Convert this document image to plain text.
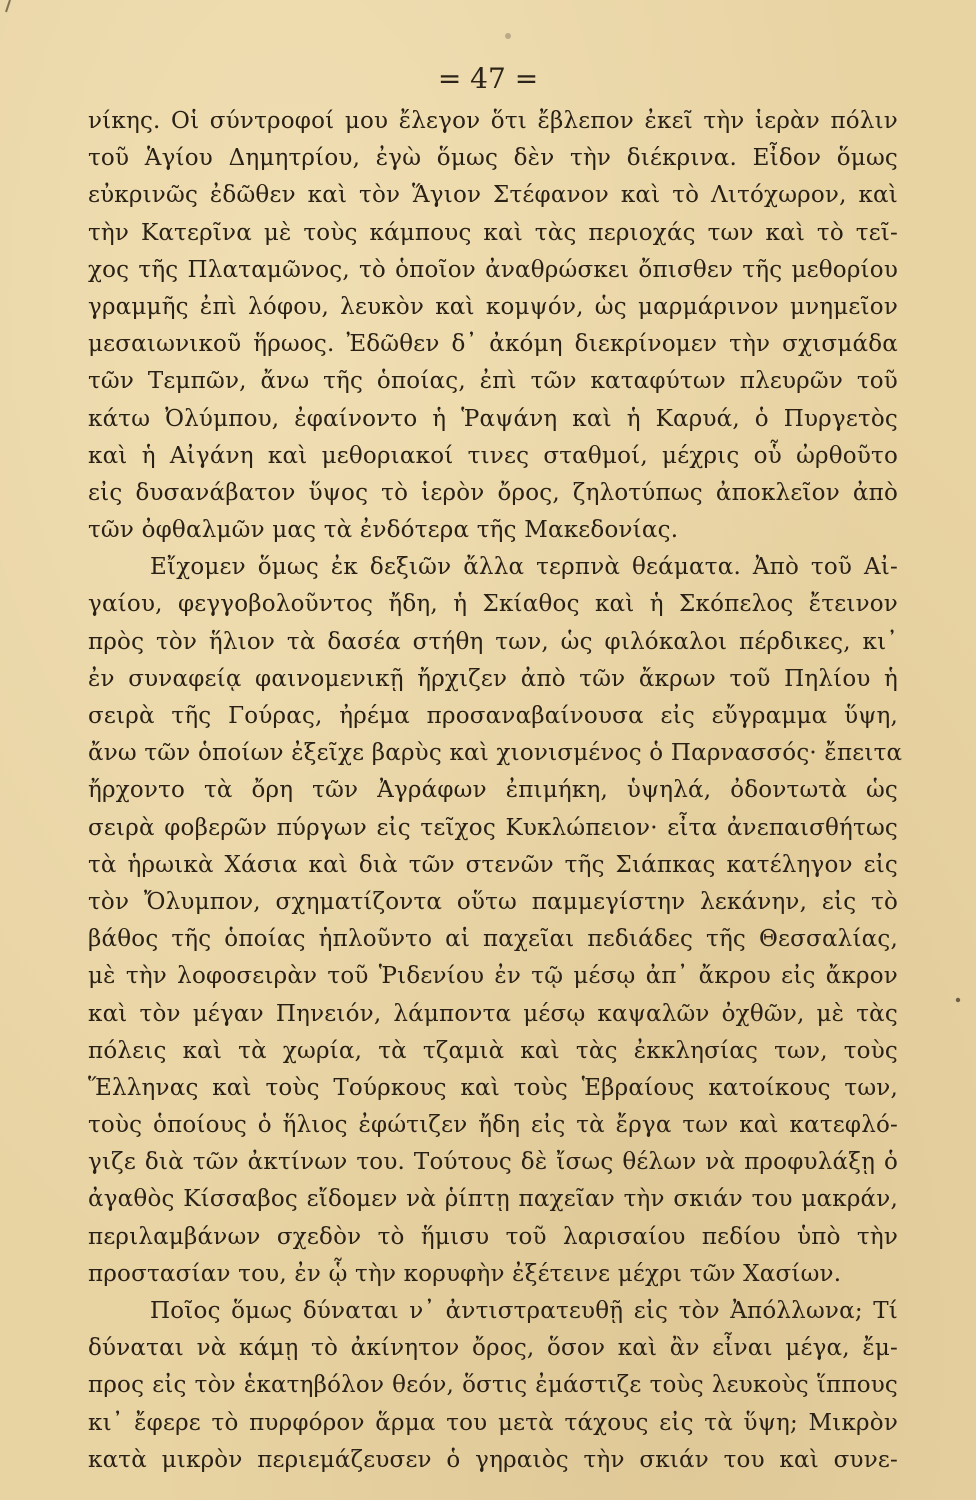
= 47 =
νίκης. Οἱ σύντροφοί μου ἔλεγον ὅτι ἔβλεπον ἐκεῖ τὴν ἱερὰν πόλιν
τοῦ Ἁγίου Δημητρίου, ἐγὼ ὅμως δὲν τὴν διέκρινα. Εἶδον ὅμως
εὐκρινῶς ἐδῶθεν καὶ τὸν Ἅγιον Στέφανον καὶ τὸ Λιτόχωρον, καὶ
τὴν Κατερῖνα μὲ τοὺς κάμπους καὶ τὰς περιοχάς των καὶ τὸ τεῖ-
χος τῆς Πλαταμῶνος, τὸ ὁποῖον ἀναθρώσκει ὄπισθεν τῆς μεθορίου
γραμμῆς ἐπὶ λόφου, λευκὸν καὶ κομψόν, ὡς μαρμάρινον μνημεῖον
μεσαιωνικοῦ ἥρωος. Ἐδῶθεν δ᾽ ἀκόμη διεκρίνομεν τὴν σχισμάδα
τῶν Τεμπῶν, ἄνω τῆς ὁποίας, ἐπὶ τῶν καταφύτων πλευρῶν τοῦ
κάτω Ὀλύμπου, ἐφαίνοντο ἡ Ῥαψάνη καὶ ἡ Καρυά, ὁ Πυργετὸς
καὶ ἡ Αἰγάνη καὶ μεθοριακοί τινες σταθμοί, μέχρις οὗ ὠρθοῦτο
εἰς δυσανάβατον ὕψος τὸ ἱερὸν ὄρος, ζηλοτύπως ἀποκλεῖον ἀπὸ
τῶν ὀφθαλμῶν μας τὰ ἐνδότερα τῆς Μακεδονίας.
Εἴχομεν ὅμως ἐκ δεξιῶν ἄλλα τερπνὰ θεάματα. Ἀπὸ τοῦ Αἰ-
γαίου, φεγγοβολοῦντος ἤδη, ἡ Σκίαθος καὶ ἡ Σκόπελος ἔτεινον
πρὸς τὸν ἥλιον τὰ δασέα στήθη των, ὡς φιλόκαλοι πέρδικες, κι᾽
ἐν συναφείᾳ φαινομενικῇ ἤρχιζεν ἀπὸ τῶν ἄκρων τοῦ Πηλίου ἡ
σειρὰ τῆς Γούρας, ἠρέμα προσαναβαίνουσα εἰς εὔγραμμα ὕψη,
ἄνω τῶν ὁποίων ἐξεῖχε βαρὺς καὶ χιονισμένος ὁ Παρνασσός· ἔπειτα
ἤρχοντο τὰ ὄρη τῶν Ἀγράφων ἐπιμήκη, ὑψηλά, ὀδοντωτὰ ὡς
σειρὰ φοβερῶν πύργων εἰς τεῖχος Κυκλώπειον· εἶτα ἀνεπαισθήτως
τὰ ἡρωικὰ Χάσια καὶ διὰ τῶν στενῶν τῆς Σιάπκας κατέληγον εἰς
τὸν Ὄλυμπον, σχηματίζοντα οὕτω παμμεγίστην λεκάνην, εἰς τὸ
βάθος τῆς ὁποίας ἡπλοῦντο αἱ παχεῖαι πεδιάδες τῆς Θεσσαλίας,
μὲ τὴν λοφοσειρὰν τοῦ Ῥιδενίου ἐν τῷ μέσῳ ἀπ᾽ ἄκρου εἰς ἄκρον
καὶ τὸν μέγαν Πηνειόν, λάμποντα μέσῳ καψαλῶν ὀχθῶν, μὲ τὰς
πόλεις καὶ τὰ χωρία, τὰ τζαμιὰ καὶ τὰς ἐκκλησίας των, τοὺς
Ἕλληνας καὶ τοὺς Τούρκους καὶ τοὺς Ἑβραίους κατοίκους των,
τοὺς ὁποίους ὁ ἥλιος ἐφώτιζεν ἤδη εἰς τὰ ἔργα των καὶ κατεφλό-
γιζε διὰ τῶν ἀκτίνων του. Τούτους δὲ ἴσως θέλων νὰ προφυλάξῃ ὁ
ἀγαθὸς Κίσσαβος εἴδομεν νὰ ῥίπτῃ παχεῖαν τὴν σκιάν του μακράν,
περιλαμβάνων σχεδὸν τὸ ἥμισυ τοῦ λαρισαίου πεδίου ὑπὸ τὴν
προστασίαν του, ἐν ᾧ τὴν κορυφὴν ἐξέτεινε μέχρι τῶν Χασίων.
Ποῖος ὅμως δύναται ν᾽ ἀντιστρατευθῇ εἰς τὸν Ἀπόλλωνα; Τί
δύναται νὰ κάμῃ τὸ ἀκίνητον ὄρος, ὅσον καὶ ἂν εἶναι μέγα, ἔμ-
προς εἰς τὸν ἑκατηβόλον θεόν, ὅστις ἐμάστιζε τοὺς λευκοὺς ἵππους
κι᾽ ἔφερε τὸ πυρφόρον ἅρμα του μετὰ τάχους εἰς τὰ ὕψη; Μικρὸν
κατὰ μικρὸν περιεμάζευσεν ὁ γηραιὸς τὴν σκιάν του καὶ συνε-
